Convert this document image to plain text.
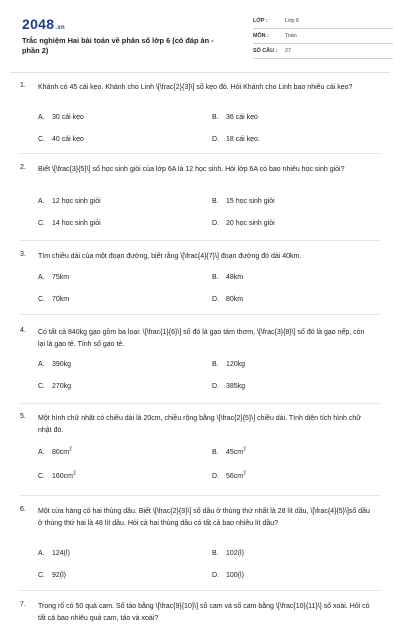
2048.vn
Trắc nghiệm Hai bài toán về phân số lớp 6 (có đáp án - phần 2)
LỚP :	Lớp 6
MÔN :	Toán
SỐ CÂU : 27
1. Khánh có 45 cái kẹo. Khánh cho Linh \[\frac{2}{3}\] số kẹo đó. Hỏi Khánh cho Linh bao nhiêu cái kẹo?
A. 30 cái kẹo	B. 36 cái kẹo
C. 40 cái kẹo	D. 18 cái kẹo.
2. Biết \[\frac{3}{5}\] số học sinh giỏi của lớp 6A là 12 học sinh. Hỏi lớp 6A có bao nhiêu học sinh giỏi?
A. 12 học sinh giỏi	B. 15 học sinh giỏi
C. 14 học sinh giỏi	D. 20 học sinh giỏi
3. Tìm chiều dài của một đoạn đường, biết rằng \[\frac{4}{7}\] đoạn đường đó dài 40km.
A. 75km	B. 48km
C. 70km	D. 80km
4. Có tất cả 840kg gạo gồm ba loại: \[\frac{1}{6}\] số đó là gạo tám thơm, \[\frac{3}{8}\] số đó là gạo nếp, còn lại là gạo tẻ. Tính số gạo tẻ.
A. 390kg	B. 120kg
C. 270kg	D. 385kg
5. Một hình chữ nhật có chiều dài là 20cm, chiều rộng bằng \[\frac{2}{5}\] chiều dài. Tính diện tích hình chữ nhật đó.
A. $80cm^2$	B. $45cm^2$
C. $160cm^2$	D. $56cm^2$
6. Một cửa hàng có hai thùng dầu. Biết \[\frac{2}{3}\] số dầu ở thùng thứ nhất là 28 lít dầu, \[\frac{4}{5}\]số dầu ở thùng thứ hai là 48 lít dầu. Hỏi cả hai thùng dầu có tất cả bao nhiêu lít dầu?
A. 124(l)	B. 102(l)
C. 92(l)	D. 100(l)
7. Trong rổ có 50 quả cam. Số táo bằng \[\frac{9}{10}\] số cam và số cam bằng \[\frac{10}{11}\] số xoài. Hỏi có tất cả bao nhiêu quả cam, táo và xoài?
